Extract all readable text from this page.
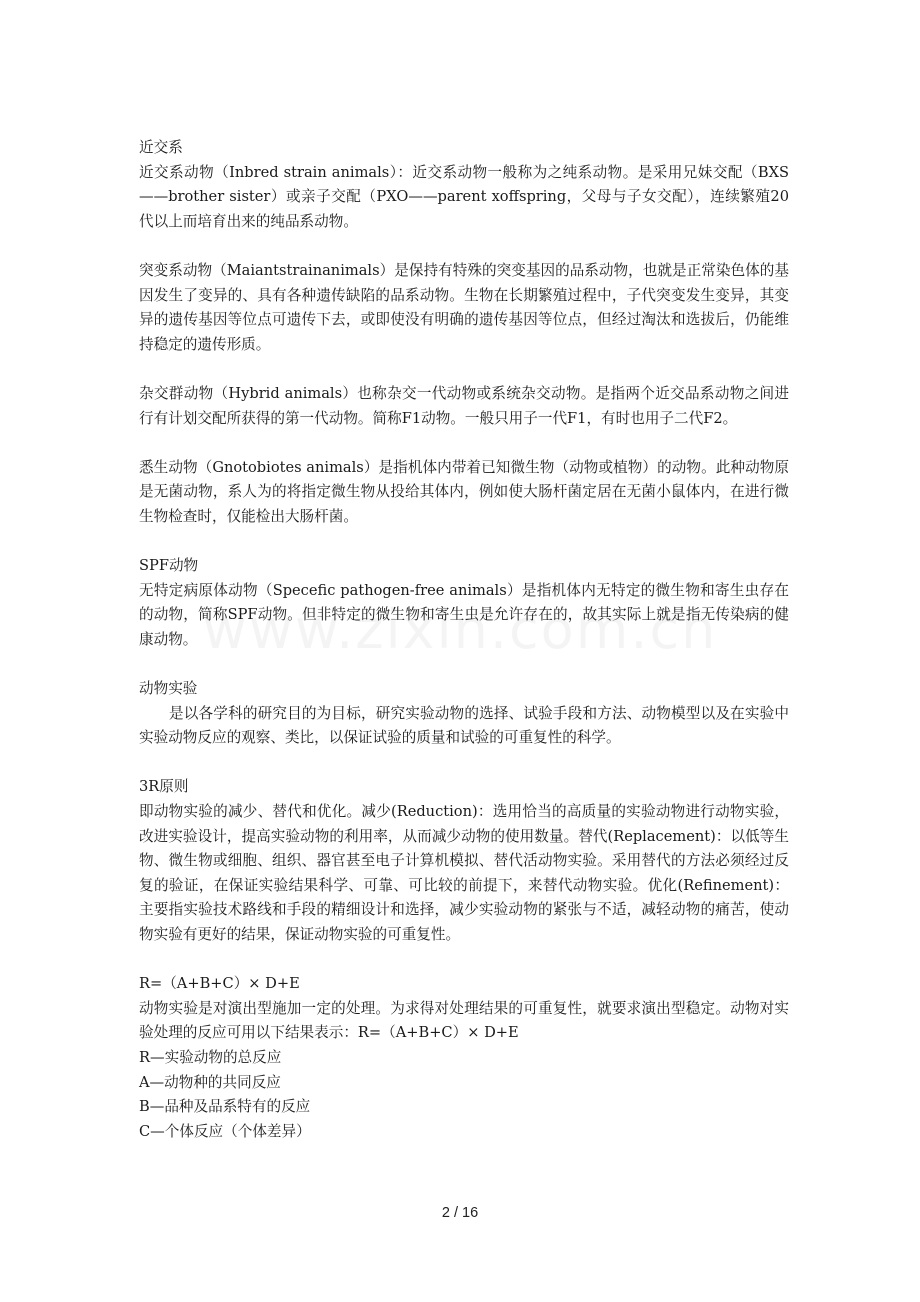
近交系

近交系动物（Inbred strain animals）：近交系动物一般称为之纯系动物。是采用兄妹交配（BXS——brother sister）或亲子交配（PXO——parent xoffspring，父母与子女交配），连续繁殖20代以上而培育出来的纯品系动物。

突变系动物（Maiantstrainanimals）是保持有特殊的突变基因的品系动物，也就是正常染色体的基因发生了变异的、具有各种遗传缺陷的品系动物。生物在长期繁殖过程中，子代突变发生变异，其变异的遗传基因等位点可遗传下去，或即使没有明确的遗传基因等位点，但经过淘汰和选拔后，仍能维持稳定的遗传形质。

杂交群动物（Hybrid animals）也称杂交一代动物或系统杂交动物。是指两个近交品系动物之间进行有计划交配所获得的第一代动物。简称F1动物。一般只用子一代F1，有时也用子二代F2。

悉生动物（Gnotobiotes animals）是指机体内带着已知微生物（动物或植物）的动物。此种动物原是无菌动物，系人为的将指定微生物从投给其体内，例如使大肠杆菌定居在无菌小鼠体内，在进行微生物检查时，仅能检出大肠杆菌。

SPF动物

无特定病原体动物（Specefic pathogen-free animals）是指机体内无特定的微生物和寄生虫存在的动物，简称SPF动物。但非特定的微生物和寄生虫是允许存在的，故其实际上就是指无传染病的健康动物。

动物实验

是以各学科的研究目的为目标，研究实验动物的选择、试验手段和方法、动物模型以及在实验中实验动物反应的观察、类比，以保证试验的质量和试验的可重复性的科学。

3R原则

即动物实验的减少、替代和优化。减少(Reduction)：选用恰当的高质量的实验动物进行动物实验，改进实验设计，提高实验动物的利用率，从而减少动物的使用数量。替代(Replacement)：以低等生物、微生物或细胞、组织、器官甚至电子计算机模拟、替代活动物实验。采用替代的方法必须经过反复的验证，在保证实验结果科学、可靠、可比较的前提下，来替代动物实验。优化(Refinement)：主要指实验技术路线和手段的精细设计和选择，减少实验动物的紧张与不适，减轻动物的痛苦，使动物实验有更好的结果，保证动物实验的可重复性。

R=（A+B+C）× D+E

动物实验是对演出型施加一定的处理。为求得对处理结果的可重复性，就要求演出型稳定。动物对实验处理的反应可用以下结果表示：R=（A+B+C）× D+E

R—实验动物的总反应

A—动物种的共同反应

B—品种及品系特有的反应

C—个体反应（个体差异）

2 / 16
